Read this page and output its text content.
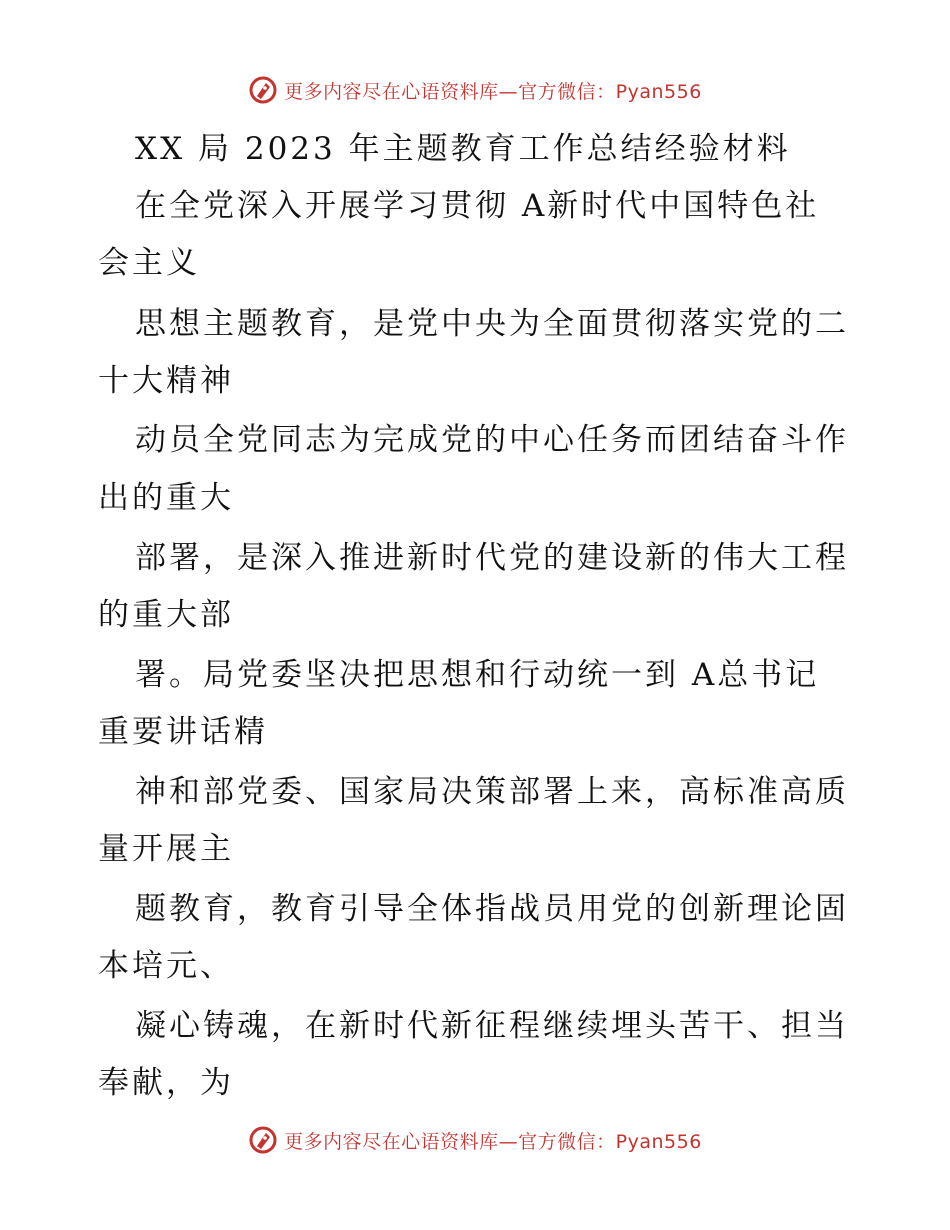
更多内容尽在心语资料库—官方微信：Pyan556
XX 局 2023 年主题教育工作总结经验材料
在全党深入开展学习贯彻 A新时代中国特色社
会主义
思想主题教育，是党中央为全面贯彻落实党的二
十大精神
动员全党同志为完成党的中心任务而团结奋斗作
出的重大
部署，是深入推进新时代党的建设新的伟大工程
的重大部
署。局党委坚决把思想和行动统一到 A总书记
重要讲话精
神和部党委、国家局决策部署上来，高标准高质
量开展主
题教育，教育引导全体指战员用党的创新理论固
本培元、
凝心铸魂，在新时代新征程继续埋头苦干、担当
奉献，为
更多内容尽在心语资料库—官方微信：Pyan556
